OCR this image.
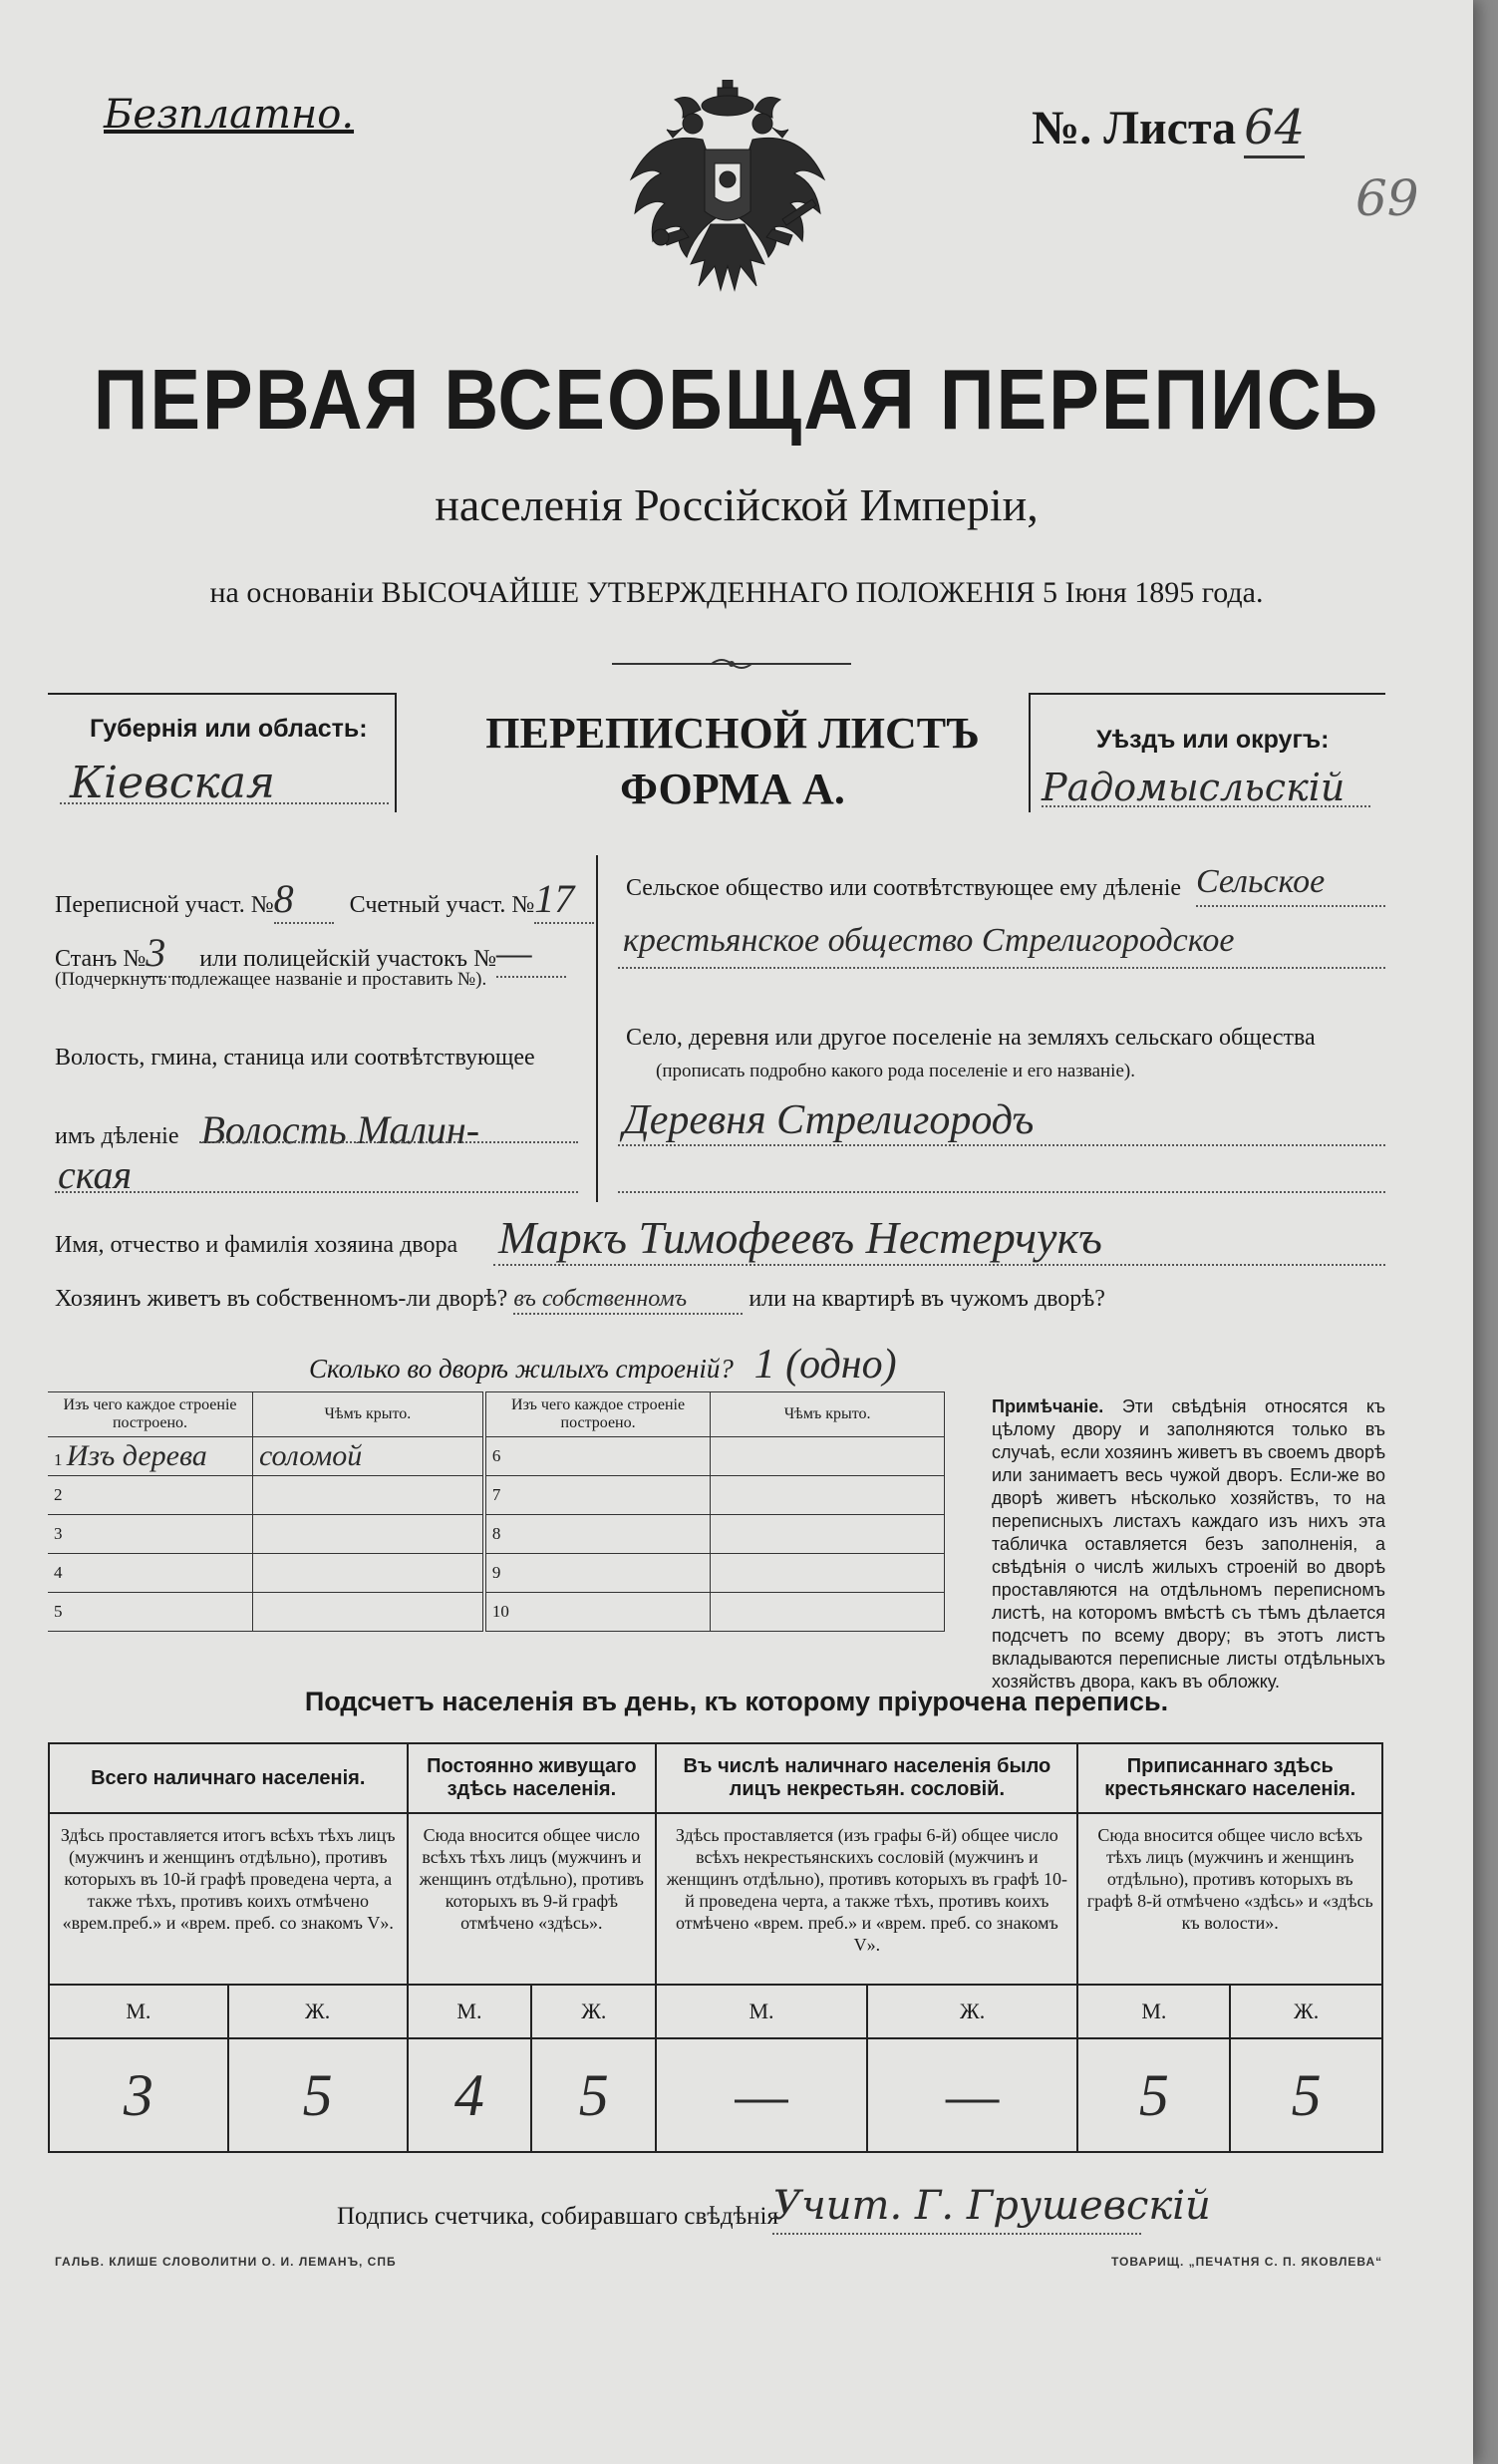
Безплатно.	№. Листа 64
69
ПЕРВАЯ ВСЕОБЩАЯ ПЕРЕПИСЬ
населенія Россійской Имперіи,
на основаніи ВЫСОЧАЙШЕ УТВЕРЖДЕННАГО ПОЛОЖЕНІЯ 5 Іюня 1895 года.
Губернія или область:
Кіевская
ПЕРЕПИСНОЙ ЛИСТЪ
ФОРМА А.
Уѣздъ или округъ:
Радомысльскій
Переписной участ. №8 Счетный участ. №17
Станъ №3 или полицейскій участокъ №—
(Подчеркнуть подлежащее названіе и проставить №).
Волость, гмина, станица или соотвѣтствующее
имъ дѣленіе Волость Малин-
ская
Сельское общество или соотвѣтствующее ему дѣленіе Сельское
крестьянское общество Стрелигородское
Село, деревня или другое поселеніе на земляхъ сельскаго общества
(прописать подробно какого рода поселеніе и его названіе).
Деревня Стрелигородъ
Имя, отчество и фамилія хозяина двора Маркъ Тимофеевъ Нестерчукъ
Хозяинъ живетъ въ собственномъ-ли дворѣ? въ собственномъ	или на квартирѣ въ чужомъ дворѣ?
Сколько во дворѣ жилыхъ строеній? 1 (одно)
Изъ чего каждое строеніе построено.	Чѣмъ крыто.	Изъ чего каждое строеніе построено.	Чѣмъ крыто.
1 Изъ дерева	соломой	6	
2		7	
3		8	
4		9	
5		10	
Примѣчаніе. Эти свѣдѣнія относятся къ цѣлому двору и заполняются только въ случаѣ, если хозяинъ живетъ въ своемъ дворѣ или занимаетъ весь чужой дворъ. Если-же во дворѣ живетъ нѣсколько хозяйствъ, то на переписныхъ листахъ каждаго изъ нихъ эта табличка оставляется безъ заполненія, а свѣдѣнія о числѣ жилыхъ строеній во дворѣ проставляются на отдѣльномъ переписномъ листѣ, на которомъ вмѣстѣ съ тѣмъ дѣлается подсчетъ по всему двору; въ этотъ листъ вкладываются переписные листы отдѣльныхъ хозяйствъ двора, какъ въ обложку.
Подсчетъ населенія въ день, къ которому пріурочена перепись.
Всего наличнаго населенія.		Постоянно живущаго здѣсь населенія.		Въ числѣ наличнаго населенія было лицъ некрестьян. сословій.		Приписаннаго здѣсь крестьянскаго населенія.	
Здѣсь проставляется итогъ всѣхъ тѣхъ лицъ (мужчинъ и женщинъ отдѣльно), противъ которыхъ въ 10-й графѣ проведена черта, а также тѣхъ, противъ коихъ отмѣчено «врем.преб.» и «врем. преб. со знакомъ V».		Сюда вносится общее число всѣхъ тѣхъ лицъ (мужчинъ и женщинъ отдѣльно), противъ которыхъ въ 9-й графѣ отмѣчено «здѣсь».		Здѣсь проставляется (изъ графы 6-й) общее число всѣхъ некрестьянскихъ сословій (мужчинъ и женщинъ отдѣльно), противъ которыхъ въ графѣ 10-й проведена черта, а также тѣхъ, противъ коихъ отмѣчено «врем. преб.» и «врем. преб. со знакомъ V».		Сюда вносится общее число всѣхъ тѣхъ лицъ (мужчинъ и женщинъ отдѣльно), противъ которыхъ въ графѣ 8-й отмѣчено «здѣсь» и «здѣсь къ волости».	
М.	Ж.	М.	Ж.	М.	Ж.	М.	Ж.
3	5	4	5	—	—	5	5
Подпись счетчика, собиравшаго свѣдѣнія
Учит. Г. Грушевскій
ГАЛЬВ. КЛИШЕ СЛОВОЛИТНИ О. И. ЛЕМАНЪ, СПБ	ТОВАРИЩ. „ПЕЧАТНЯ С. П. ЯКОВЛЕВА“
